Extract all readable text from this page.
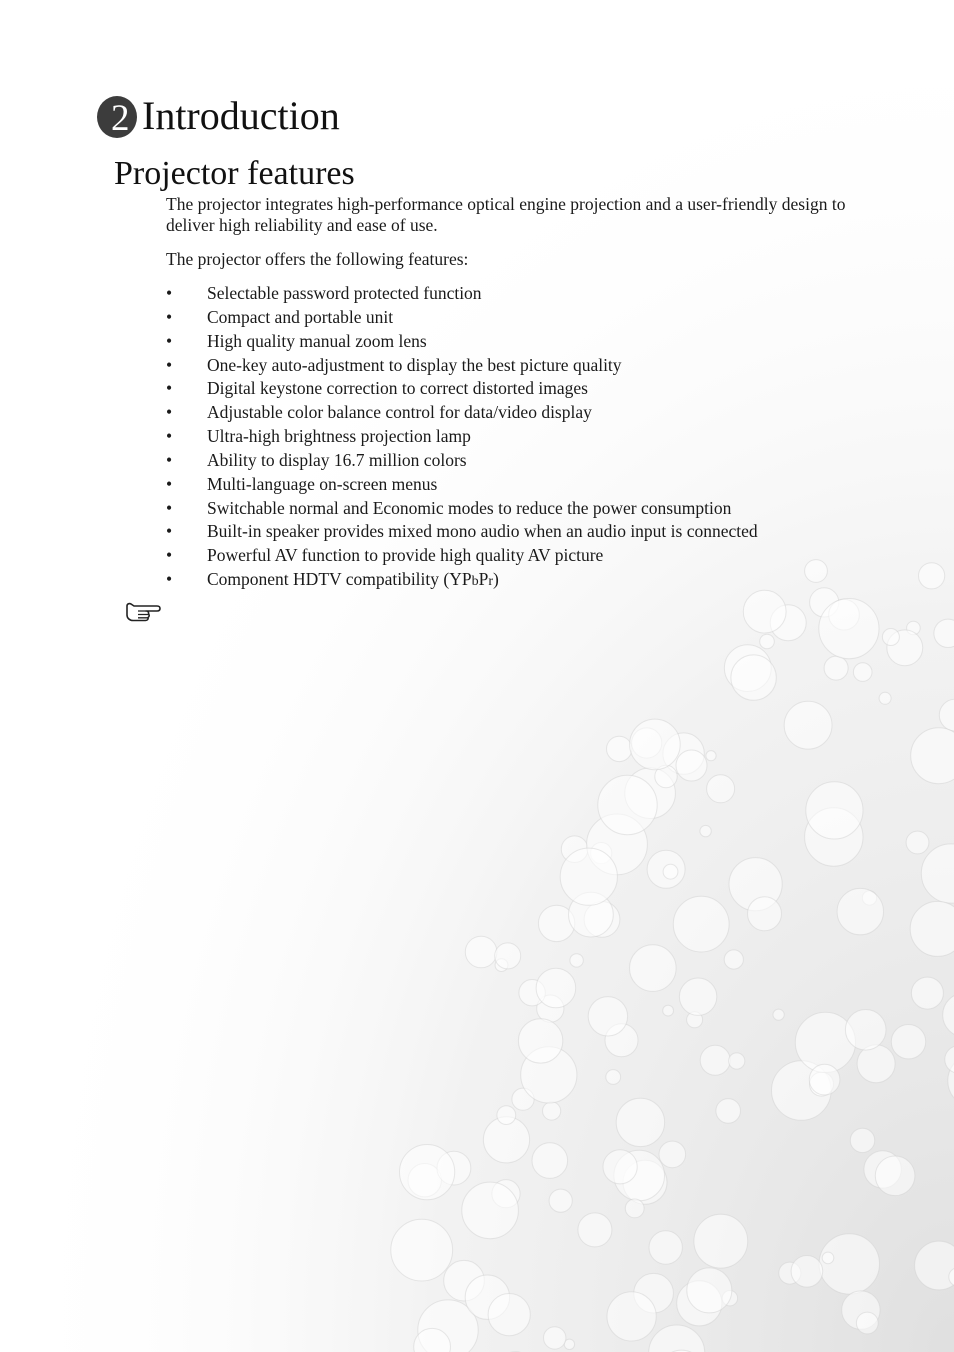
2 Introduction
Projector features

The projector integrates high-performance optical engine projection and a user-friendly design to deliver high reliability and ease of use.

The projector offers the following features:

•	Selectable password protected function
•	Compact and portable unit
•	High quality manual zoom lens
•	One-key auto-adjustment to display the best picture quality
•	Digital keystone correction to correct distorted images
•	Adjustable color balance control for data/video display
•	Ultra-high brightness projection lamp
•	Ability to display 16.7 million colors
•	Multi-language on-screen menus
•	Switchable normal and Economic modes to reduce the power consumption
•	Built-in speaker provides mixed mono audio when an audio input is connected
•	Powerful AV function to provide high quality AV picture
•	Component HDTV compatibility (YPbPr)
